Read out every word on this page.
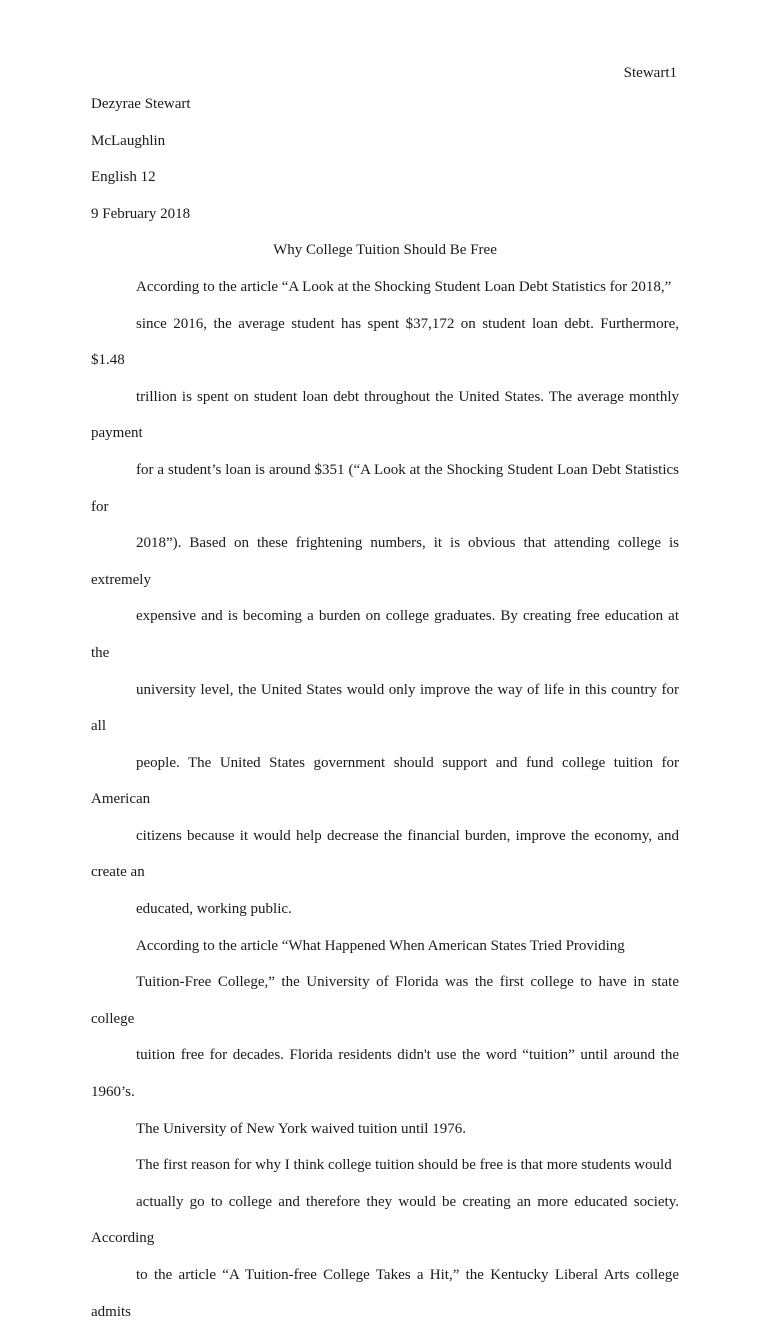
Stewart1

Dezyrae Stewart

McLaughlin

English 12

9 February 2018

Why College Tuition Should Be Free

According to the article “A Look at the Shocking Student Loan Debt Statistics for 2018,”
since 2016, the average student has spent $37,172 on student loan debt. Furthermore, $1.48
trillion is spent on student loan debt throughout the United States. The average monthly payment
for a student’s loan is around $351 (“A Look at the Shocking Student Loan Debt Statistics for
2018”). Based on these frightening numbers, it is obvious that attending college is extremely
expensive and is becoming a burden on college graduates. By creating free education at the
university level, the United States would only improve the way of life in this country for all
people. The United States government should support and fund college tuition for American
citizens because it would help decrease the financial burden, improve the economy, and create an
educated, working public.

According to the article “What Happened When American States Tried Providing
Tuition-Free College,” the University of Florida was the first college to have in state college
tuition free for decades. Florida residents didn't use the word “tuition” until around the 1960’s.
The University of New York waived tuition until 1976.

The first reason for why I think college tuition should be free is that more students would
actually go to college and therefore they would be creating an more educated society. According
to the article “A Tuition-free College Takes a Hit,” the Kentucky Liberal Arts college admits
